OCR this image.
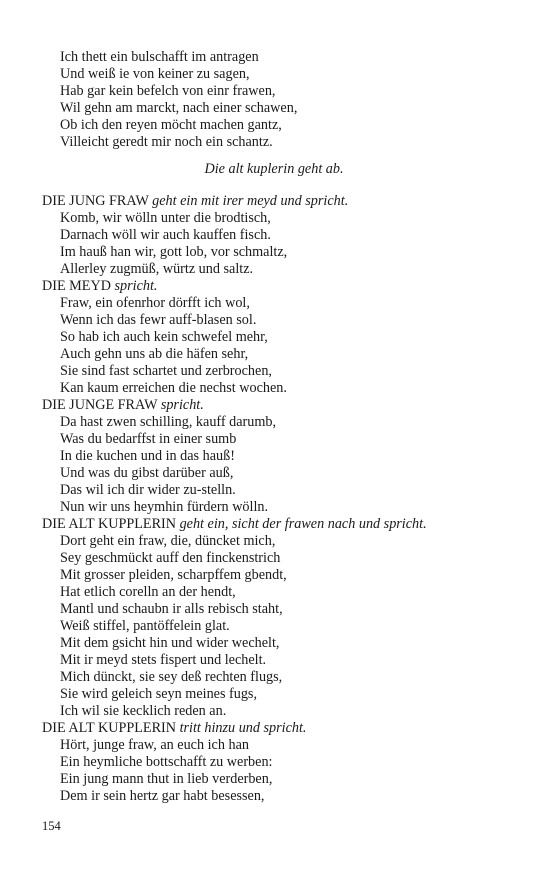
Ich thett ein bulschafft im antragen
Und weiß ie von keiner zu sagen,
Hab gar kein befelch von einr frawen,
Wil gehn am marckt, nach einer schawen,
Ob ich den reyen möcht machen gantz,
Villeicht geredt mir noch ein schantz.
Die alt kuplerin geht ab.
DIE JUNG FRAW geht ein mit irer meyd und spricht.
Komb, wir wölln unter die brodtisch,
Darnach wöll wir auch kauffen fisch.
Im hauß han wir, gott lob, vor schmaltz,
Allerley zugmüß, würtz und saltz.
DIE MEYD spricht.
Fraw, ein ofenrhor dörfft ich wol,
Wenn ich das fewr auff-blasen sol.
So hab ich auch kein schwefel mehr,
Auch gehn uns ab die häfen sehr,
Sie sind fast schartet und zerbrochen,
Kan kaum erreichen die nechst wochen.
DIE JUNGE FRAW spricht.
Da hast zwen schilling, kauff darumb,
Was du bedarffst in einer sumb
In die kuchen und in das hauß!
Und was du gibst darüber auß,
Das wil ich dir wider zu-stelln.
Nun wir uns heymhin fürdern wölln.
DIE ALT KUPPLERIN geht ein, sicht der frawen nach und spricht.
Dort geht ein fraw, die, düncket mich,
Sey geschmückt auff den finckenstrich
Mit grosser pleiden, scharpffem gbendt,
Hat etlich corelln an der hendt,
Mantl und schaubn ir alls rebisch staht,
Weiß stiffel, pantöffelein glat.
Mit dem gsicht hin und wider wechelt,
Mit ir meyd stets fispert und lechelt.
Mich dünckt, sie sey deß rechten flugs,
Sie wird geleich seyn meines fugs,
Ich wil sie kecklich reden an.
DIE ALT KUPPLERIN tritt hinzu und spricht.
Hört, junge fraw, an euch ich han
Ein heymliche bottschafft zu werben:
Ein jung mann thut in lieb verderben,
Dem ir sein hertz gar habt besessen,
154
